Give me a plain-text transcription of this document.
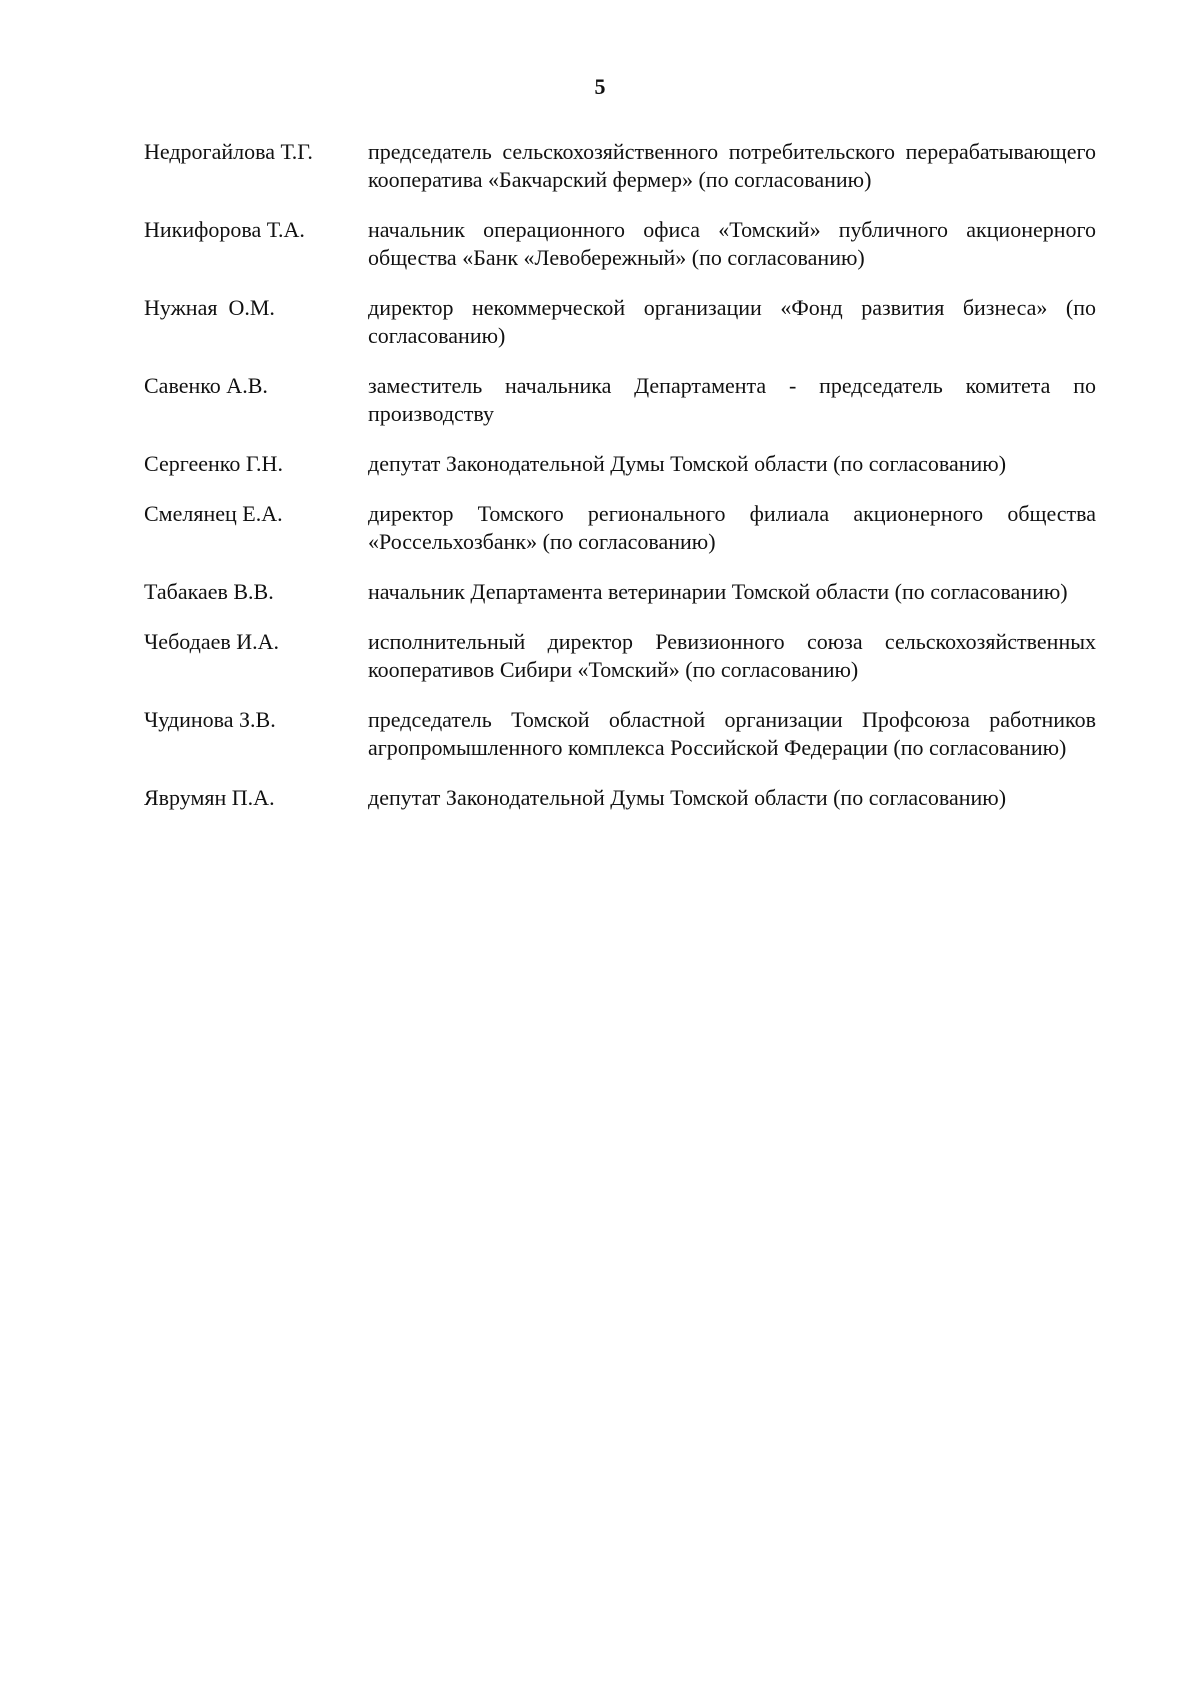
5
Недрогайлова Т.Г.	председатель сельскохозяйственного потребительского перерабатывающего кооператива «Бакчарский фермер» (по согласованию)
Никифорова Т.А.	начальник операционного офиса «Томский» публичного акционерного общества «Банк «Левобережный» (по согласованию)
Нужная  О.М.	директор некоммерческой организации «Фонд развития бизнеса» (по согласованию)
Савенко А.В.	заместитель начальника Департамента - председатель комитета по производству
Сергеенко Г.Н.	депутат Законодательной Думы Томской области (по согласованию)
Смелянец Е.А.	директор Томского регионального филиала акционерного общества «Россельхозбанк» (по согласованию)
Табакаев В.В.	начальник Департамента ветеринарии Томской области (по согласованию)
Чебодаев И.А.	исполнительный директор Ревизионного союза сельскохозяйственных кооперативов Сибири «Томский» (по согласованию)
Чудинова З.В.	председатель Томской областной организации Профсоюза работников агропромышленного комплекса Российской Федерации (по согласованию)
Яврумян П.А.	депутат Законодательной Думы Томской области (по согласованию)
